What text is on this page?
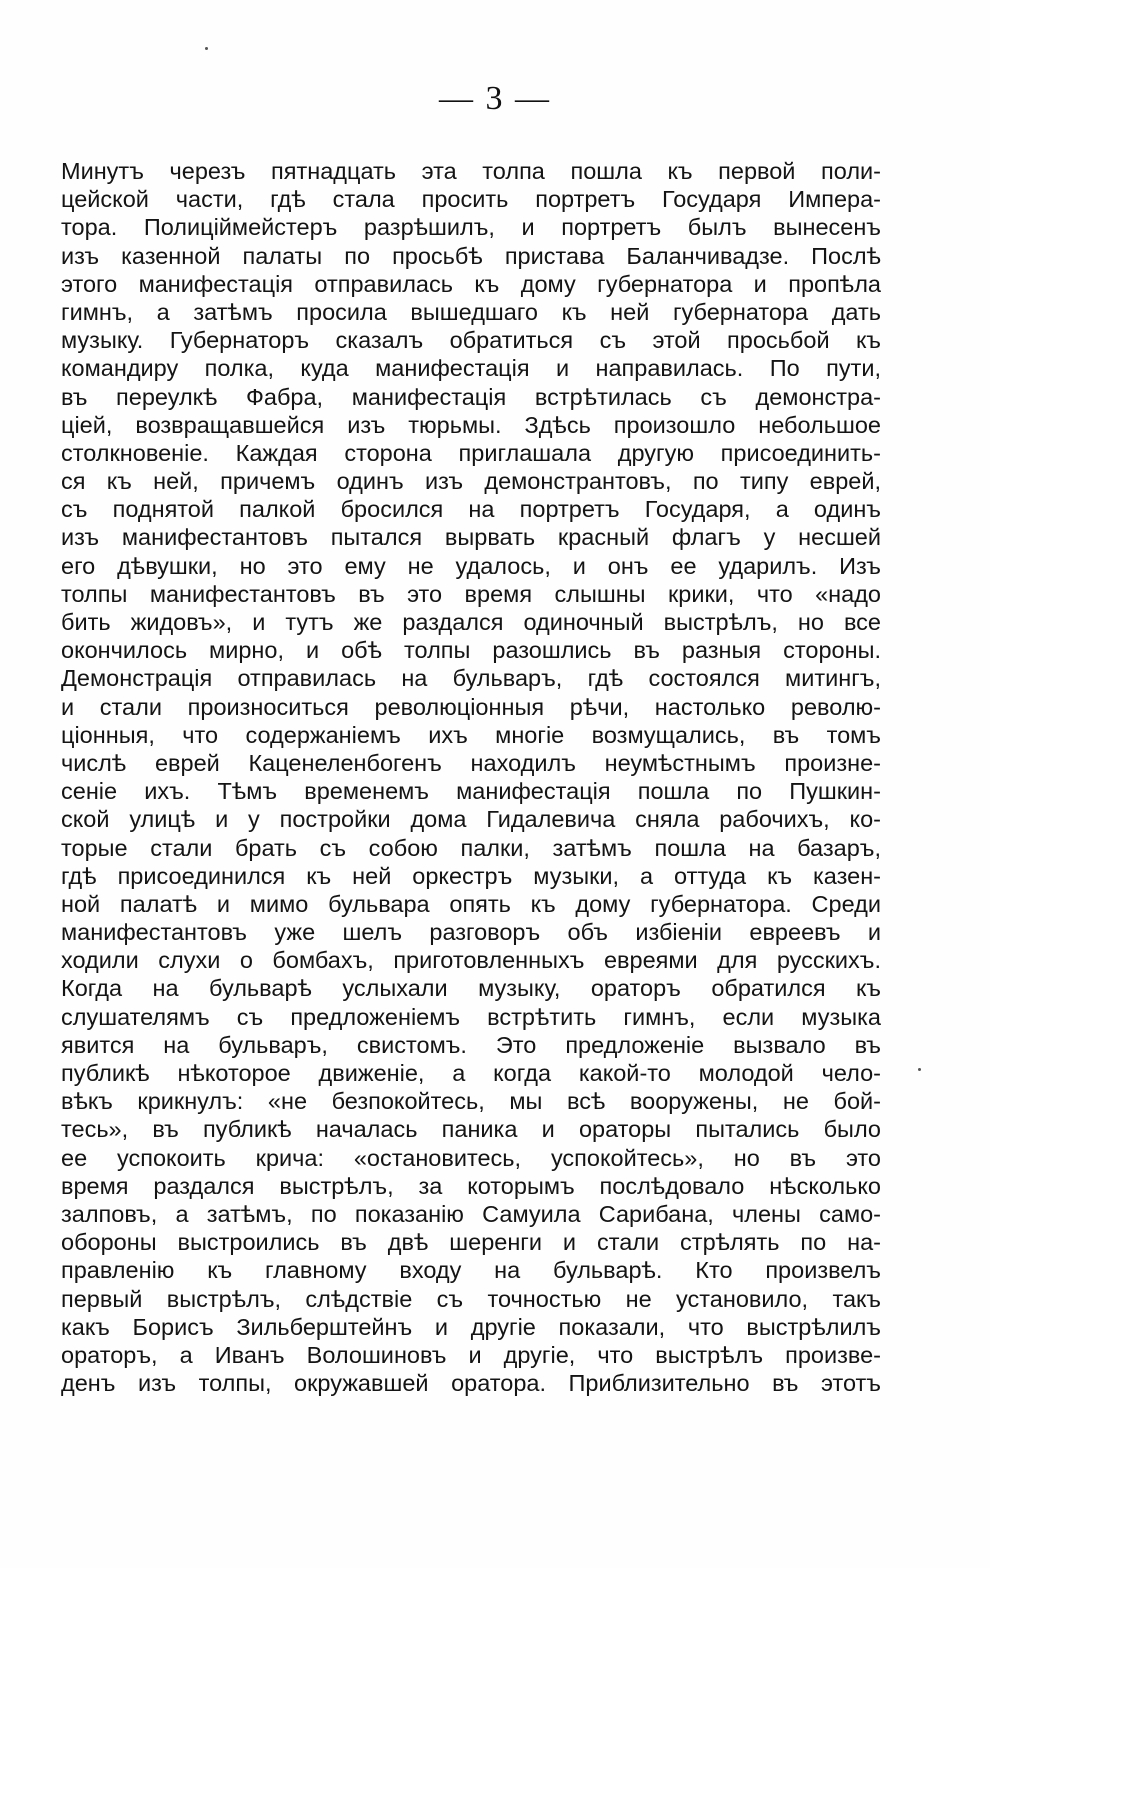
— 3 —
Минутъ черезъ пятнадцать эта толпа пошла къ первой поли-
цейской части, гдѣ стала просить портретъ Государя Импера-
тора. Полиціймейстеръ разрѣшилъ, и портретъ былъ вынесенъ
изъ казенной палаты по просьбѣ пристава Баланчивадзе. Послѣ
этого манифестація отправилась къ дому губернатора и пропѣла
гимнъ, а затѣмъ просила вышедшаго къ ней губернатора дать
музыку. Губернаторъ сказалъ обратиться съ этой просьбой къ
командиру полка, куда манифестація и направилась. По пути,
въ переулкѣ Фабра, манифестація встрѣтилась съ демонстра-
ціей, возвращавшейся изъ тюрьмы. Здѣсь произошло небольшое
столкновеніе. Каждая сторона приглашала другую присоединить-
ся къ ней, причемъ одинъ изъ демонстрантовъ, по типу еврей,
съ поднятой палкой бросился на портретъ Государя, а одинъ
изъ манифестантовъ пытался вырвать красный флагъ у несшей
его дѣвушки, но это ему не удалось, и онъ ее ударилъ. Изъ
толпы манифестантовъ въ это время слышны крики, что «надо
бить жидовъ», и тутъ же раздался одиночный выстрѣлъ, но все
окончилось мирно, и обѣ толпы разошлись въ разныя стороны.
Демонстрація отправилась на бульваръ, гдѣ состоялся митингъ,
и стали произноситься революціонныя рѣчи, настолько револю-
ціонныя, что содержаніемъ ихъ многіе возмущались, въ томъ
числѣ еврей Каценеленбогенъ находилъ неумѣстнымъ произне-
сеніе ихъ. Тѣмъ временемъ манифестація пошла по Пушкин-
ской улицѣ и у постройки дома Гидалевича сняла рабочихъ, ко-
торые стали брать съ собою палки, затѣмъ пошла на базаръ,
гдѣ присоединился къ ней оркестръ музыки, а оттуда къ казен-
ной палатѣ и мимо бульвара опять къ дому губернатора. Среди
манифестантовъ уже шелъ разговоръ объ избіеніи евреевъ и
ходили слухи о бомбахъ, приготовленныхъ евреями для русскихъ.
Когда на бульварѣ услыхали музыку, ораторъ обратился къ
слушателямъ съ предложеніемъ встрѣтить гимнъ, если музыка
явится на бульваръ, свистомъ. Это предложеніе вызвало въ
публикѣ нѣкоторое движеніе, а когда какой-то молодой чело-
вѣкъ крикнулъ: «не безпокойтесь, мы всѣ вооружены, не бой-
тесь», въ публикѣ началась паника и ораторы пытались было
ее успокоить крича: «остановитесь, успокойтесь», но въ это
время раздался выстрѣлъ, за которымъ послѣдовало нѣсколько
залповъ, а затѣмъ, по показанію Самуила Сарибана, члены само-
обороны выстроились въ двѣ шеренги и стали стрѣлять по на-
правленію къ главному входу на бульварѣ. Кто произвелъ
первый выстрѣлъ, слѣдствіе съ точностью не установило, такъ
какъ Борисъ Зильберштейнъ и другіе показали, что выстрѣлилъ
ораторъ, а Иванъ Волошиновъ и другіе, что выстрѣлъ произве-
денъ изъ толпы, окружавшей оратора. Приблизительно въ этотъ
